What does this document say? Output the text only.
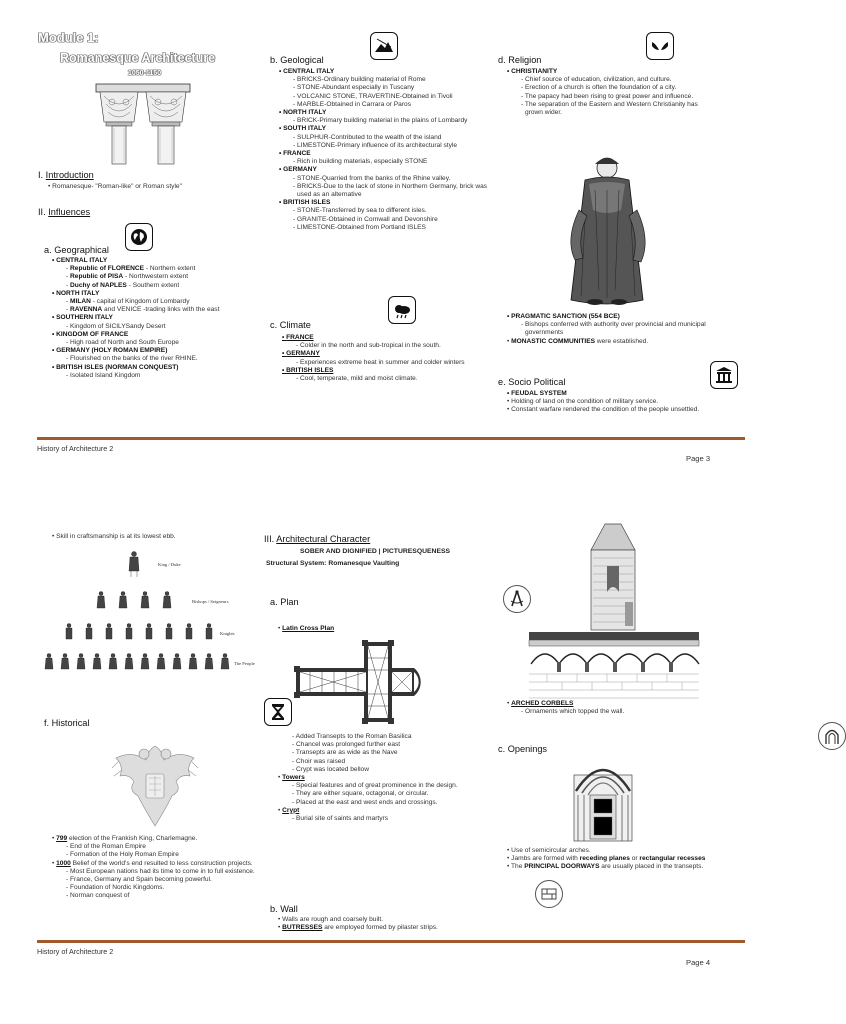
Module 1:
Romanesque Architecture
1050-1150
I. Introduction
• Romanesque- "Roman-like" or Roman style"
II. Influences
a. Geographical

• CENTRAL ITALY
- Republic of FLORENCE - Northern extent
- Republic of PISA - Northwestern extent
- Duchy of NAPLES - Southern extent
• NORTH ITALY
- MILAN - capital of Kingdom of Lombardy
- RAVENNA and VENICE -trading links with the east
• SOUTHERN ITALY
- Kingdom of SICILYSandy Desert
• KINGDOM OF FRANCE
- High road of North and South Europe
• GERMANY (HOLY ROMAN EMPIRE)
- Flourished on the banks of the river RHINE.
• BRITISH ISLES (NORMAN CONQUEST)
- Isolated Island Kingdom
b. Geological

• CENTRAL ITALY
- BRICKS-Ordinary building material of Rome
- STONE-Abundant especially in Tuscany
- VOLCANIC STONE, TRAVERTINE-Obtained in Tivoli
- MARBLE-Obtained in Carrara or Paros
• NORTH ITALY
- BRICK-Primary building material in the plains of Lombardy
• SOUTH ITALY
- SULPHUR-Contributed to the wealth of the island
- LIMESTONE-Primary influence of its architectural style
• FRANCE
- Rich in building materials, especially STONE
• GERMANY
- STONE-Quarried from the banks of the Rhine valley.
- BRICKS-Due to the lack of stone in Northern Germany, brick was used as an alternative
• BRITISH ISLES
- STONE-Transferred by sea to different isles.
- GRANITE-Obtained in Cornwall and Devonshire
- LIMESTONE-Obtained from Portland ISLES
c. Climate

• FRANCE
- Colder in the north and sub-tropical in the south.
• GERMANY
- Experiences extreme heat in summer and colder winters
• BRITISH ISLES
- Cool, temperate, mild and moist climate.
d. Religion

• CHRISTIANITY
- Chief source of education, civilization, and culture.
- Erection of a church is often the foundation of a city.
- The papacy had been rising to great power and influence.
- The separation of the Eastern and Western Christianity has grown wider.
• PRAGMATIC SANCTION (554 BCE)
- Bishops conferred with authority over provincial and municipal governments
• MONASTIC COMMUNITIES were established.
e. Socio Political

• FEUDAL SYSTEM
• Holding of land on the condition of military service.
• Constant warfare rendered the condition of the people unsettled.
History of Architecture 2
Page 3
• Skill in craftsmanship is at its lowest ebb.
King / Duke
Bishops / Seigneurs
Knights
The People
f. Historical

• 799 election of the Frankish King, Charlemagne.
- End of the Roman Empire
- Formation of the Holy Roman Empire
• 1000 Belief of the world's end resulted to less construction projects.
- Most European nations had its time to come in to full existence.
- France, Germany and Spain becoming powerful.
- Foundation of Nordic Kingdoms.
- Norman conquest of
III. Architectural Character
SOBER AND DIGNIFIED | PICTURESQUENESS
Structural System: Romanesque Vaulting
a. Plan

• Latin Cross Plan
- Added Transepts to the Roman Basilica
- Chancel was prolonged further east
- Transepts are as wide as the Nave
- Choir was raised
- Crypt was located bellow
• Towers
- Special features and of great prominence in the design.
- They are either square, octagonal, or circular.
- Placed at the east and west ends and crossings.
• Crypt
- Burial site of saints and martyrs
b. Wall

• Walls are rough and coarsely built.
• BUTRESSES are employed formed by pilaster strips.
• ARCHED CORBELS
- Ornaments which topped the wall.
c. Openings
• Use of semicircular arches.
• Jambs are formed with receding planes or rectangular recesses
• The PRINCIPAL DOORWAYS are usually placed in the transepts.
History of Architecture 2
Page 4
